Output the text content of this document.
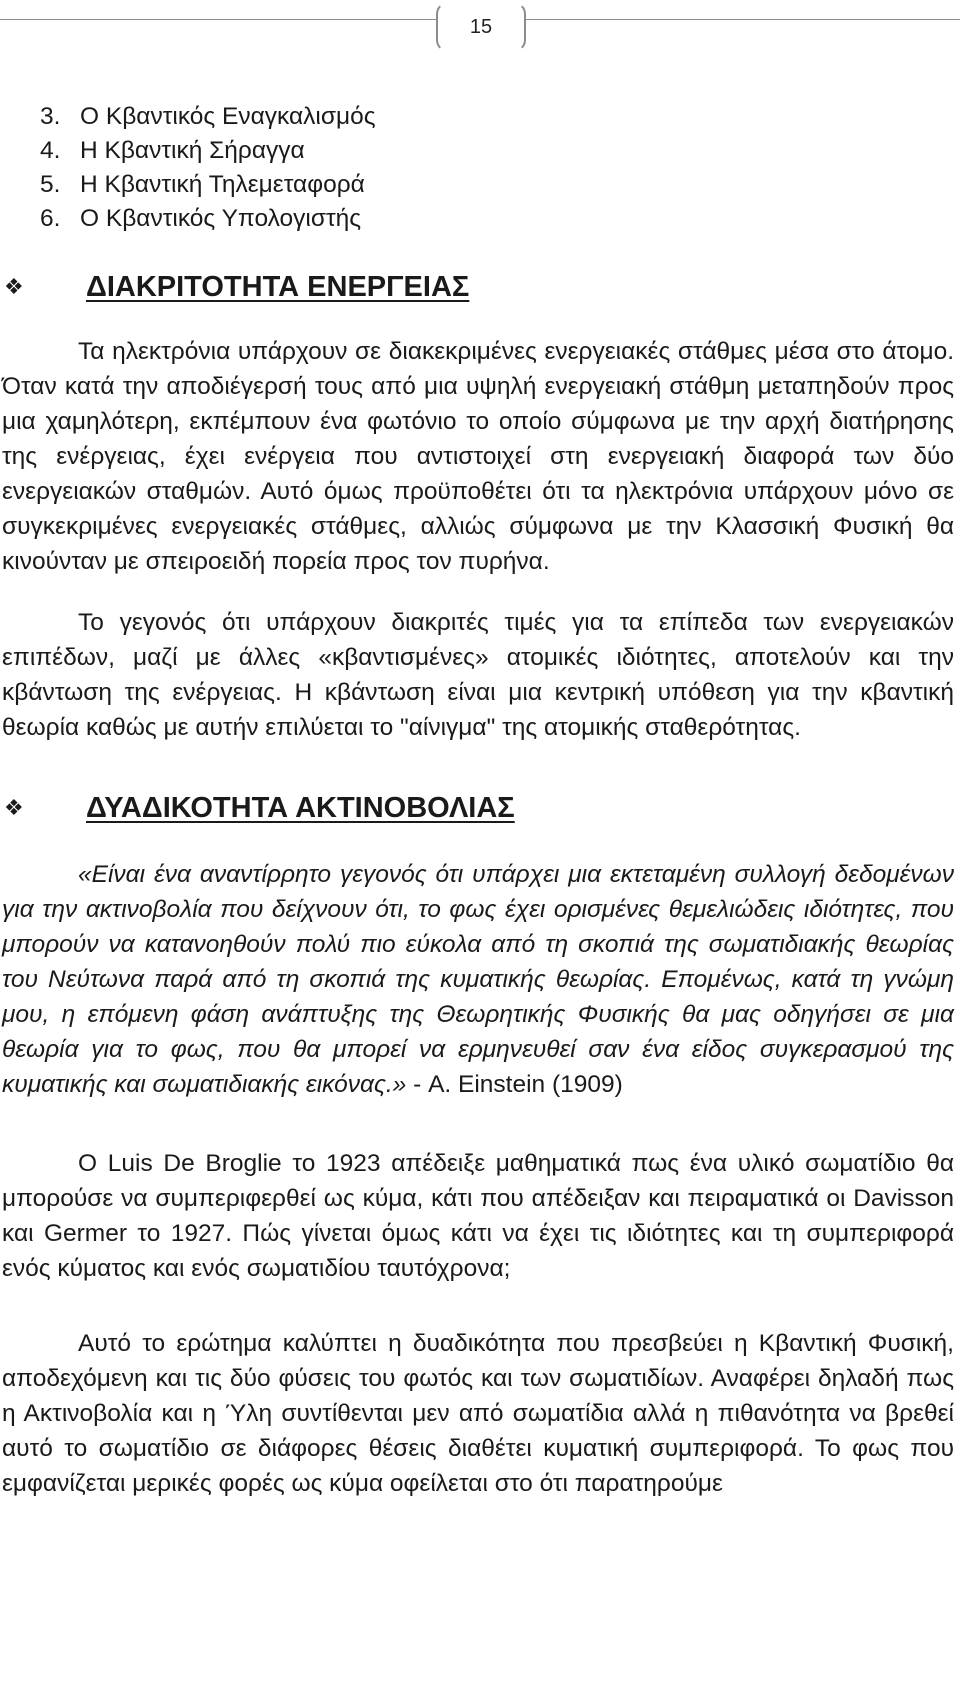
15
3. Ο Κβαντικός Εναγκαλισμός
4. Η Κβαντική Σήραγγα
5. Η Κβαντική Τηλεμεταφορά
6. Ο Κβαντικός Υπολογιστής
❖	ΔΙΑΚΡΙΤΟΤΗΤΑ ΕΝΕΡΓΕΙΑΣ

Τα ηλεκτρόνια υπάρχουν σε διακεκριμένες ενεργειακές στάθμες μέσα στο άτομο. Όταν κατά την αποδιέγερσή τους από μια υψηλή ενεργειακή στάθμη μεταπηδούν προς μια χαμηλότερη, εκπέμπουν ένα φωτόνιο το οποίο σύμφωνα με την αρχή διατήρησης της ενέργειας, έχει ενέργεια που αντιστοιχεί στη ενεργειακή διαφορά των δύο ενεργειακών σταθμών. Αυτό όμως προϋποθέτει ότι τα ηλεκτρόνια υπάρχουν μόνο σε συγκεκριμένες ενεργειακές στάθμες, αλλιώς σύμφωνα με την Κλασσική Φυσική θα κινούνταν με σπειροειδή πορεία προς τον πυρήνα.

Το γεγονός ότι υπάρχουν διακριτές τιμές για τα επίπεδα των ενεργειακών επιπέδων, μαζί με άλλες «κβαντισμένες» ατομικές ιδιότητες, αποτελούν και την κβάντωση της ενέργειας. Η κβάντωση είναι μια κεντρική υπόθεση για την κβαντική θεωρία καθώς με αυτήν επιλύεται το "αίνιγμα" της ατομικής σταθερότητας.

❖	ΔΥΑΔΙΚΟΤΗΤΑ ΑΚΤΙΝΟΒΟΛΙΑΣ

«Είναι ένα αναντίρρητο γεγονός ότι υπάρχει μια εκτεταμένη συλλογή δεδομένων για την ακτινοβολία που δείχνουν ότι, το φως έχει ορισμένες θεμελιώδεις ιδιότητες, που μπορούν να κατανοηθούν πολύ πιο εύκολα από τη σκοπιά της σωματιδιακής θεωρίας του Νεύτωνα παρά από τη σκοπιά της κυματικής θεωρίας. Επομένως, κατά τη γνώμη μου, η επόμενη φάση ανάπτυξης της Θεωρητικής Φυσικής θα μας οδηγήσει σε μια θεωρία για το φως, που θα μπορεί να ερμηνευθεί σαν ένα είδος συγκερασμού της κυματικής και σωματιδιακής εικόνας.» - A. Einstein (1909)

Ο Luis De Broglie το 1923 απέδειξε μαθηματικά πως ένα υλικό σωματίδιο θα μπορούσε να συμπεριφερθεί ως κύμα, κάτι που απέδειξαν και πειραματικά οι Davisson και Germer το 1927. Πώς γίνεται όμως κάτι να έχει τις ιδιότητες και τη συμπεριφορά ενός κύματος και ενός σωματιδίου ταυτόχρονα;

Αυτό το ερώτημα καλύπτει η δυαδικότητα που πρεσβεύει η Κβαντική Φυσική, αποδεχόμενη και τις δύο φύσεις του φωτός και των σωματιδίων. Αναφέρει δηλαδή πως η Ακτινοβολία και η Ύλη συντίθενται μεν από σωματίδια αλλά η πιθανότητα να βρεθεί αυτό το σωματίδιο σε διάφορες θέσεις διαθέτει κυματική συμπεριφορά. Το φως που εμφανίζεται μερικές φορές ως κύμα οφείλεται στο ότι παρατηρούμε
